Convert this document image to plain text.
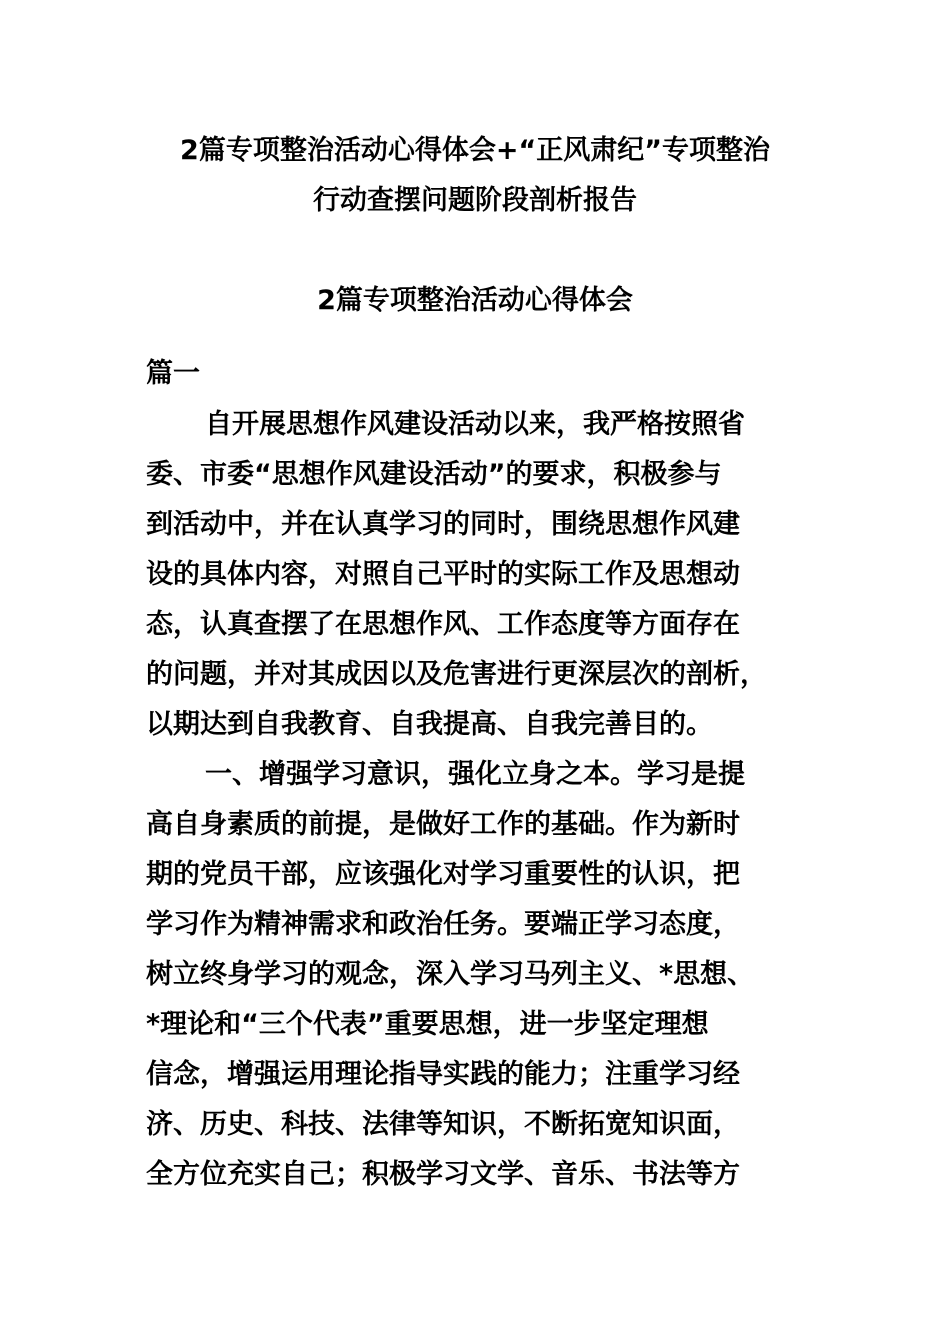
2篇专项整治活动心得体会+“正风肃纪”专项整治
行动查摆问题阶段剖析报告
2篇专项整治活动心得体会
篇一
自开展思想作风建设活动以来，我严格按照省
委、市委“思想作风建设活动”的要求，积极参与
到活动中，并在认真学习的同时，围绕思想作风建
设的具体内容，对照自己平时的实际工作及思想动
态，认真查摆了在思想作风、工作态度等方面存在
的问题，并对其成因以及危害进行更深层次的剖析，
以期达到自我教育、自我提高、自我完善目的。
一、增强学习意识，强化立身之本。学习是提
高自身素质的前提，是做好工作的基础。作为新时
期的党员干部，应该强化对学习重要性的认识，把
学习作为精神需求和政治任务。要端正学习态度，
树立终身学习的观念，深入学习马列主义、*思想、
*理论和“三个代表”重要思想，进一步坚定理想
信念，增强运用理论指导实践的能力；注重学习经
济、历史、科技、法律等知识，不断拓宽知识面，
全方位充实自己；积极学习文学、音乐、书法等方
